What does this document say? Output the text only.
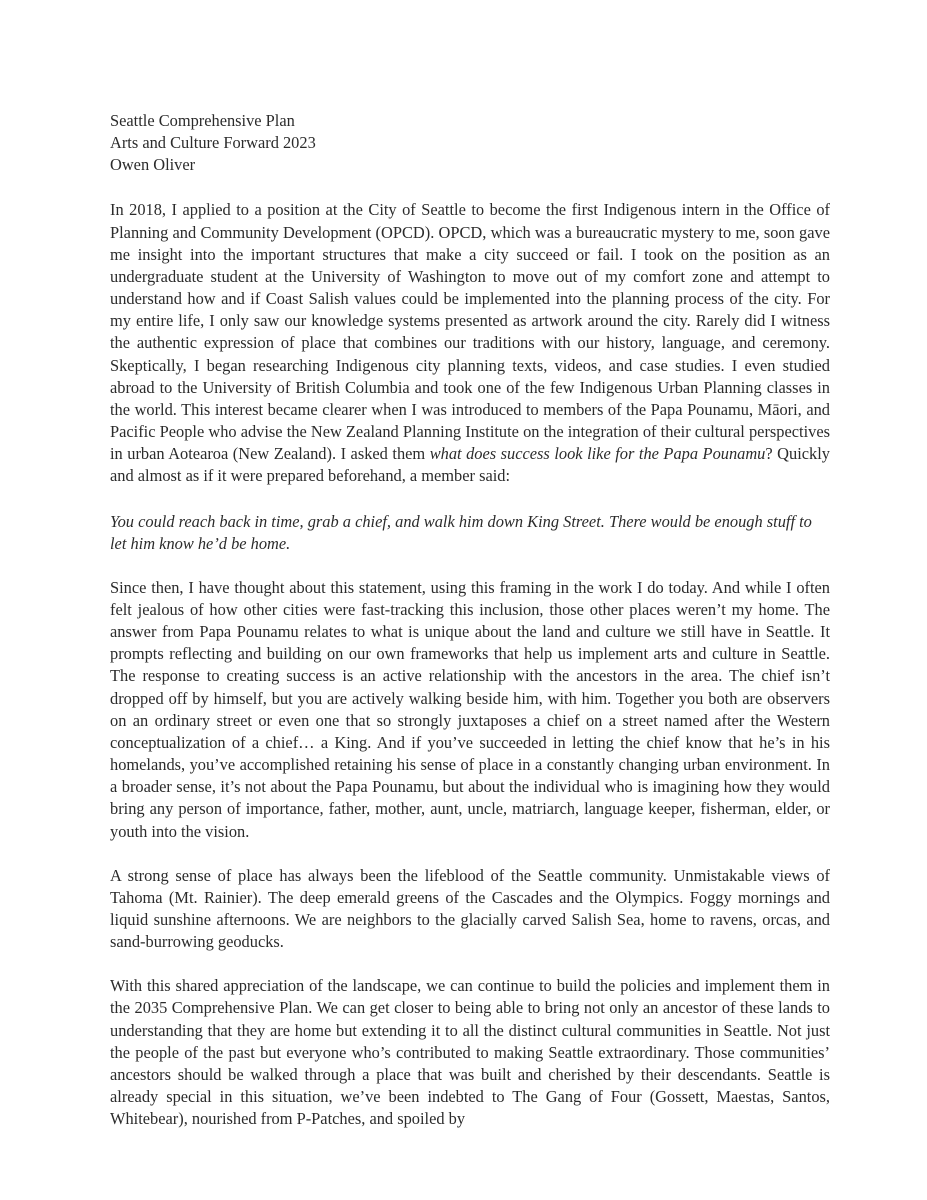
Seattle Comprehensive Plan
Arts and Culture Forward 2023
Owen Oliver

In 2018, I applied to a position at the City of Seattle to become the first Indigenous intern in the Office of Planning and Community Development (OPCD). OPCD, which was a bureaucratic mystery to me, soon gave me insight into the important structures that make a city succeed or fail. I took on the position as an undergraduate student at the University of Washington to move out of my comfort zone and attempt to understand how and if Coast Salish values could be implemented into the planning process of the city. For my entire life, I only saw our knowledge systems presented as artwork around the city. Rarely did I witness the authentic expression of place that combines our traditions with our history, language, and ceremony. Skeptically, I began researching Indigenous city planning texts, videos, and case studies. I even studied abroad to the University of British Columbia and took one of the few Indigenous Urban Planning classes in the world. This interest became clearer when I was introduced to members of the Papa Pounamu, Māori, and Pacific People who advise the New Zealand Planning Institute on the integration of their cultural perspectives in urban Aotearoa (New Zealand). I asked them what does success look like for the Papa Pounamu? Quickly and almost as if it were prepared beforehand, a member said:

You could reach back in time, grab a chief, and walk him down King Street. There would be enough stuff to let him know he’d be home.

Since then, I have thought about this statement, using this framing in the work I do today. And while I often felt jealous of how other cities were fast-tracking this inclusion, those other places weren’t my home. The answer from Papa Pounamu relates to what is unique about the land and culture we still have in Seattle. It prompts reflecting and building on our own frameworks that help us implement arts and culture in Seattle. The response to creating success is an active relationship with the ancestors in the area. The chief isn’t dropped off by himself, but you are actively walking beside him, with him. Together you both are observers on an ordinary street or even one that so strongly juxtaposes a chief on a street named after the Western conceptualization of a chief… a King. And if you’ve succeeded in letting the chief know that he’s in his homelands, you’ve accomplished retaining his sense of place in a constantly changing urban environment. In a broader sense, it’s not about the Papa Pounamu, but about the individual who is imagining how they would bring any person of importance, father, mother, aunt, uncle, matriarch, language keeper, fisherman, elder, or youth into the vision.

A strong sense of place has always been the lifeblood of the Seattle community. Unmistakable views of Tahoma (Mt. Rainier). The deep emerald greens of the Cascades and the Olympics. Foggy mornings and liquid sunshine afternoons. We are neighbors to the glacially carved Salish Sea, home to ravens, orcas, and sand-burrowing geoducks.

With this shared appreciation of the landscape, we can continue to build the policies and implement them in the 2035 Comprehensive Plan. We can get closer to being able to bring not only an ancestor of these lands to understanding that they are home but extending it to all the distinct cultural communities in Seattle. Not just the people of the past but everyone who’s contributed to making Seattle extraordinary. Those communities’ ancestors should be walked through a place that was built and cherished by their descendants. Seattle is already special in this situation, we’ve been indebted to The Gang of Four (Gossett, Maestas, Santos, Whitebear), nourished from P-Patches, and spoiled by
